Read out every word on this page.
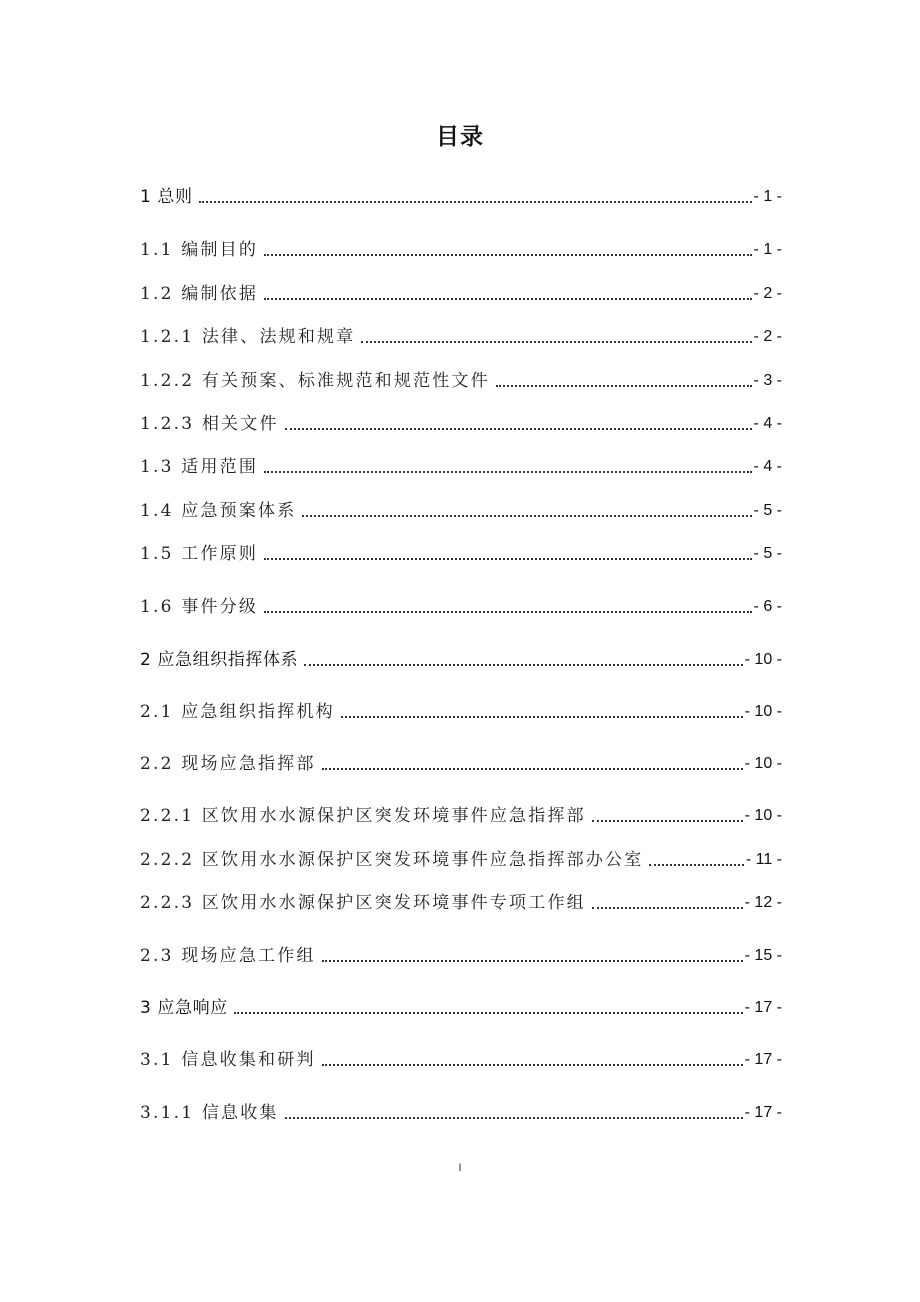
目录
1 总则	- 1 -
1.1 编制目的	- 1 -
1.2 编制依据	- 2 -
1.2.1 法律、法规和规章	- 2 -
1.2.2 有关预案、标准规范和规范性文件	- 3 -
1.2.3 相关文件	- 4 -
1.3 适用范围	- 4 -
1.4 应急预案体系	- 5 -
1.5 工作原则	- 5 -
1.6 事件分级	- 6 -
2 应急组织指挥体系	- 10 -
2.1 应急组织指挥机构	- 10 -
2.2 现场应急指挥部	- 10 -
2.2.1 区饮用水水源保护区突发环境事件应急指挥部	- 10 -
2.2.2 区饮用水水源保护区突发环境事件应急指挥部办公室	- 11 -
2.2.3 区饮用水水源保护区突发环境事件专项工作组	- 12 -
2.3 现场应急工作组	- 15 -
3 应急响应	- 17 -
3.1 信息收集和研判	- 17 -
3.1.1 信息收集	- 17 -
I
